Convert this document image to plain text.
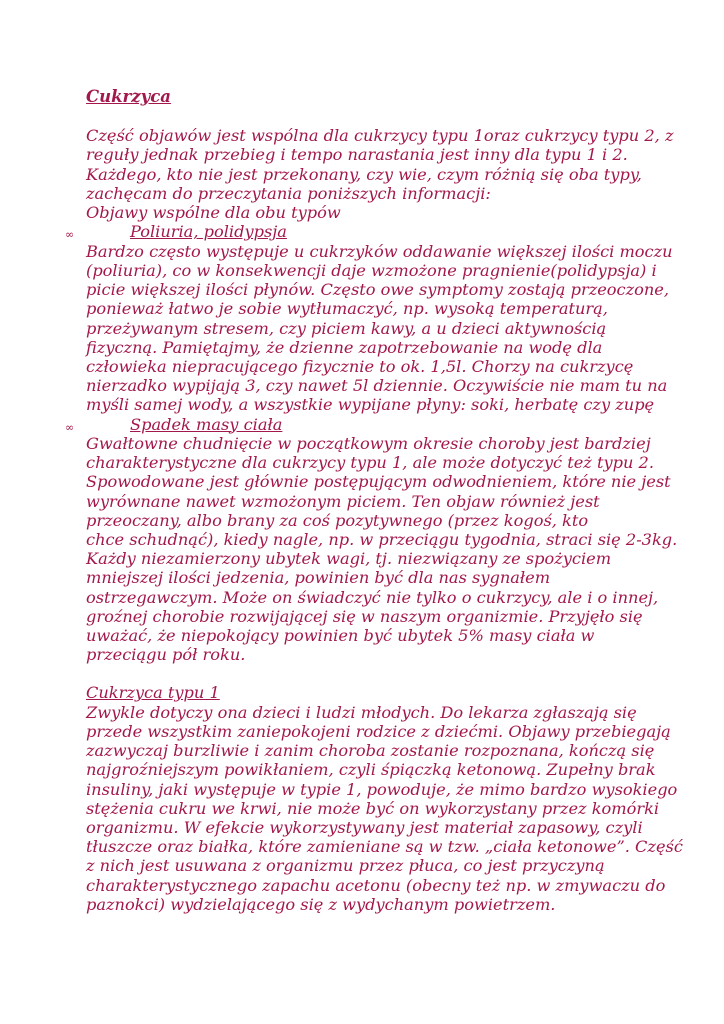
Cukrzyca
Część objawów jest wspólna dla cukrzycy typu 1oraz cukrzycy typu 2, z
reguły jednak przebieg i tempo narastania jest inny dla typu 1 i 2.
Każdego, kto nie jest przekonany, czy wie, czym różnią się oba typy,
zachęcam do przeczytania poniższych informacji:
Objawy wspólne dla obu typów
∞	Poliuria, polidypsja
Bardzo często występuje u cukrzyków oddawanie większej ilości moczu
(poliuria), co w konsekwencji daje wzmożone pragnienie(polidypsja) i
picie większej ilości płynów. Często owe symptomy zostają przeoczone,
ponieważ łatwo je sobie wytłumaczyć, np. wysoką temperaturą,
przeżywanym stresem, czy piciem kawy, a u dzieci aktywnością
fizyczną. Pamiętajmy, że dzienne zapotrzebowanie na wodę dla
człowieka niepracującego fizycznie to ok. 1,5l. Chorzy na cukrzycę
nierzadko wypijają 3, czy nawet 5l dziennie. Oczywiście nie mam tu na
myśli samej wody, a wszystkie wypijane płyny: soki, herbatę czy zupę
∞	Spadek masy ciała
Gwałtowne chudnięcie w początkowym okresie choroby jest bardziej
charakterystyczne dla cukrzycy typu 1, ale może dotyczyć też typu 2.
Spowodowane jest głównie postępującym odwodnieniem, które nie jest
wyrównane nawet wzmożonym piciem. Ten objaw również jest
przeoczany, albo brany za coś pozytywnego (przez kogoś, kto
chce schudnąć), kiedy nagle, np. w przeciągu tygodnia, straci się 2-3kg.
Każdy niezamierzony ubytek wagi, tj. niezwiązany ze spożyciem
mniejszej ilości jedzenia, powinien być dla nas sygnałem
ostrzegawczym. Może on świadczyć nie tylko o cukrzycy, ale i o innej,
groźnej chorobie rozwijającej się w naszym organizmie. Przyjęło się
uważać, że niepokojący powinien być ubytek 5% masy ciała w
przeciągu pół roku.
Cukrzyca typu 1
Zwykle dotyczy ona dzieci i ludzi młodych. Do lekarza zgłaszają się
przede wszystkim zaniepokojeni rodzice z dziećmi. Objawy przebiegają
zazwyczaj burzliwie i zanim choroba zostanie rozpoznana, kończą się
najgroźniejszym powikłaniem, czyli śpiączką ketonową. Zupełny brak
insuliny, jaki występuje w typie 1, powoduje, że mimo bardzo wysokiego
stężenia cukru we krwi, nie może być on wykorzystany przez komórki
organizmu. W efekcie wykorzystywany jest materiał zapasowy, czyli
tłuszcze oraz białka, które zamieniane są w tzw. „ciała ketonowe”. Część
z nich jest usuwana z organizmu przez płuca, co jest przyczyną
charakterystycznego zapachu acetonu (obecny też np. w zmywaczu do
paznokci) wydzielającego się z wydychanym powietrzem.
